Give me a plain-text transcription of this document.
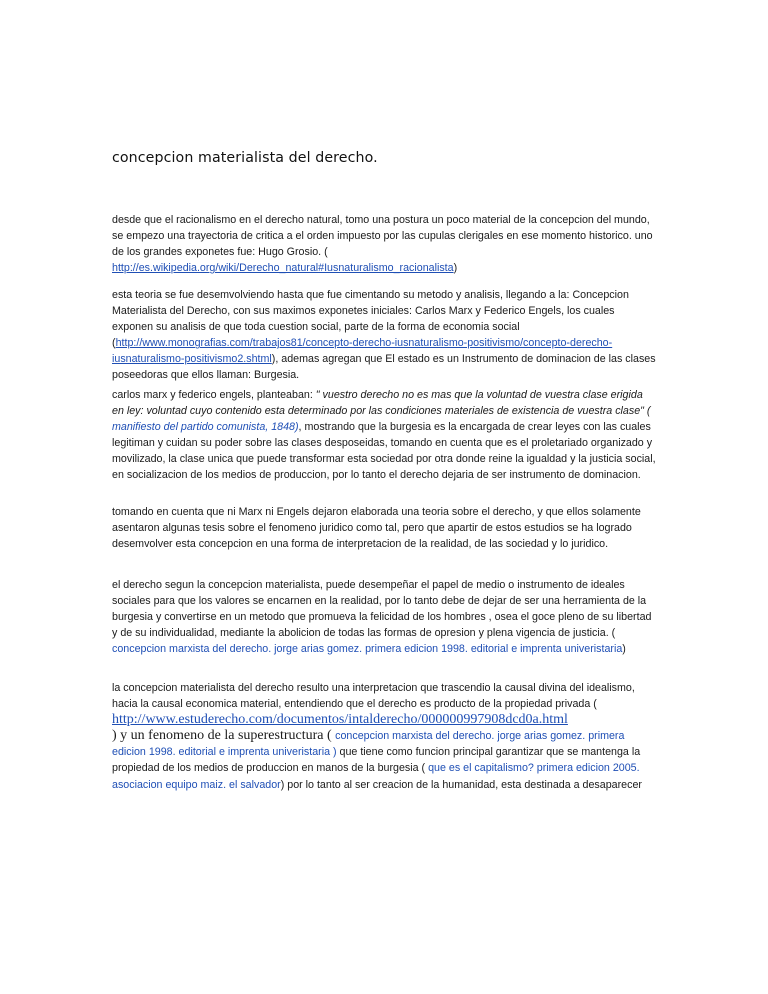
concepcion materialista del derecho.

desde que el racionalismo en el derecho natural, tomo una postura un poco material de la concepcion del mundo, se empezo una trayectoria de critica a el orden impuesto por las cupulas clerigales en ese momento historico. uno de los grandes exponetes fue: Hugo Grosio. (
http://es.wikipedia.org/wiki/Derecho_natural#Iusnaturalismo_racionalista)

esta teoria se fue desemvolviendo hasta que fue cimentando su metodo y analisis, llegando a la: Concepcion Materialista del Derecho, con sus maximos exponetes iniciales: Carlos Marx y Federico Engels, los cuales exponen su analisis de que toda cuestion social, parte de la forma de economia social (http://www.monografias.com/trabajos81/concepto-derecho-iusnaturalismo-positivismo/concepto-derecho-iusnaturalismo-positivismo2.shtml), ademas agregan que El estado es un Instrumento de dominacion de las clases poseedoras que ellos llaman: Burgesia.

carlos marx y federico engels, planteaban: " vuestro derecho no es mas que la voluntad de vuestra clase erigida en ley: voluntad cuyo contenido esta determinado por las condiciones materiales de existencia de vuestra clase" ( manifiesto del partido comunista, 1848), mostrando que la burgesia es la encargada de crear leyes con las cuales legitiman y cuidan su poder sobre las clases desposeidas, tomando en cuenta que es el proletariado organizado y movilizado, la clase unica que puede transformar esta sociedad por otra donde reine la igualdad y la justicia social, en socializacion de los medios de produccion, por lo tanto el derecho dejaria de ser instrumento de dominacion.

tomando en cuenta que ni Marx ni Engels dejaron elaborada una teoria sobre el derecho, y que ellos solamente asentaron algunas tesis sobre el fenomeno juridico como tal, pero que apartir de estos estudios se ha logrado desemvolver esta concepcion en una forma de interpretacion de la realidad, de las sociedad y lo juridico.

el derecho segun la concepcion materialista, puede desempeñar el papel de medio o instrumento de ideales sociales para que los valores se encarnen en la realidad, por lo tanto debe de dejar de ser una herramienta de la burgesia y convertirse en un metodo que promueva la felicidad de los hombres , osea el goce pleno de su libertad y de su individualidad, mediante la abolicion de todas las formas de opresion y plena vigencia de justicia. ( concepcion marxista del derecho. jorge arias gomez. primera edicion 1998. editorial e imprenta univeristaria)

la concepcion materialista del derecho resulto una interpretacion que trascendio la causal divina del idealismo, hacia la causal economica material, entendiendo que el derecho es producto de la propiedad privada ( http://www.estuderecho.com/documentos/intalderecho/000000997908dcd0a.html
) y un fenomeno de la superestructura ( concepcion marxista del derecho. jorge arias gomez. primera edicion 1998. editorial e imprenta univeristaria ) que tiene como funcion principal garantizar que se mantenga la propiedad de los medios de produccion en manos de la burgesia ( que es el capitalismo? primera edicion 2005. asociacion equipo maiz. el salvador) por lo tanto al ser creacion de la humanidad, esta destinada a desaparecer
